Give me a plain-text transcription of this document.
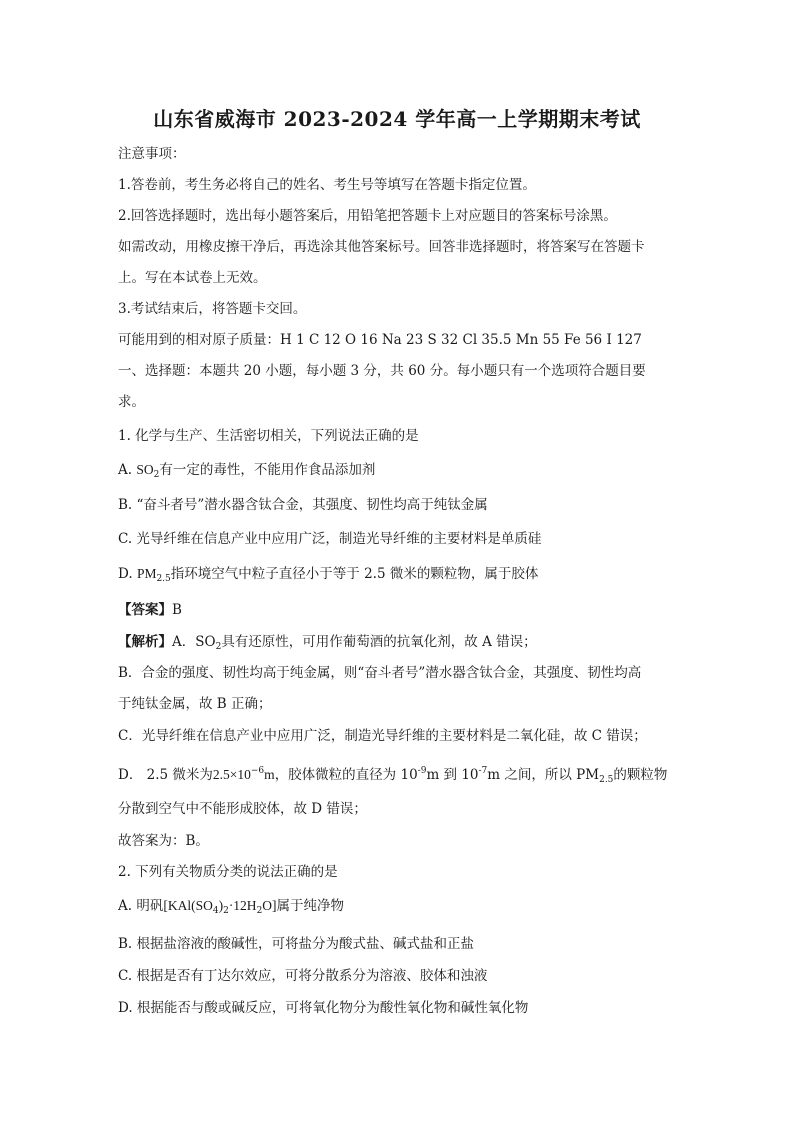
山东省威海市 2023-2024 学年高一上学期期末考试
注意事项：
1.答卷前，考生务必将自己的姓名、考生号等填写在答题卡指定位置。
2.回答选择题时，选出每小题答案后，用铅笔把答题卡上对应题目的答案标号涂黑。
如需改动，用橡皮擦干净后，再选涂其他答案标号。回答非选择题时，将答案写在答题卡
上。写在本试卷上无效。
3.考试结束后，将答题卡交回。
可能用到的相对原子质量：H 1 C 12 O 16 Na 23 S 32 Cl 35.5 Mn 55 Fe 56 I 127
一、选择题：本题共 20 小题，每小题 3 分，共 60 分。每小题只有一个选项符合题目要
求。
1. 化学与生产、生活密切相关，下列说法正确的是
A. $SO_2$有一定的毒性，不能用作食品添加剂
B. “奋斗者号”潜水器含钛合金，其强度、韧性均高于纯钛金属
C. 光导纤维在信息产业中应用广泛，制造光导纤维的主要材料是单质硅
D. $PM_{2.5}$指环境空气中粒子直径小于等于 2.5 微米的颗粒物，属于胶体
【答案】B
【解析】A．$SO_2$具有还原性，可用作葡萄酒的抗氧化剂，故 A 错误；
B．合金的强度、韧性均高于纯金属，则“奋斗者号”潜水器含钛合金，其强度、韧性均高
于纯钛金属，故 B 正确；
C．光导纤维在信息产业中应用广泛，制造光导纤维的主要材料是二氧化硅，故 C 错误；
D． 2.5 微米为$2.5\times 10^{-6}m$，胶体微粒的直径为 $10^{-9}m$ 到 $10^{-7}m$ 之间，所以 $PM_{2.5}$的颗粒物
分散到空气中不能形成胶体，故 D 错误；
故答案为：B。
2. 下列有关物质分类的说法正确的是
A. 明矾$[KAl(SO_4)_2\cdot 12H_2O]$属于纯净物
B. 根据盐溶液的酸碱性，可将盐分为酸式盐、碱式盐和正盐
C. 根据是否有丁达尔效应，可将分散系分为溶液、胶体和浊液
D. 根据能否与酸或碱反应，可将氧化物分为酸性氧化物和碱性氧化物
